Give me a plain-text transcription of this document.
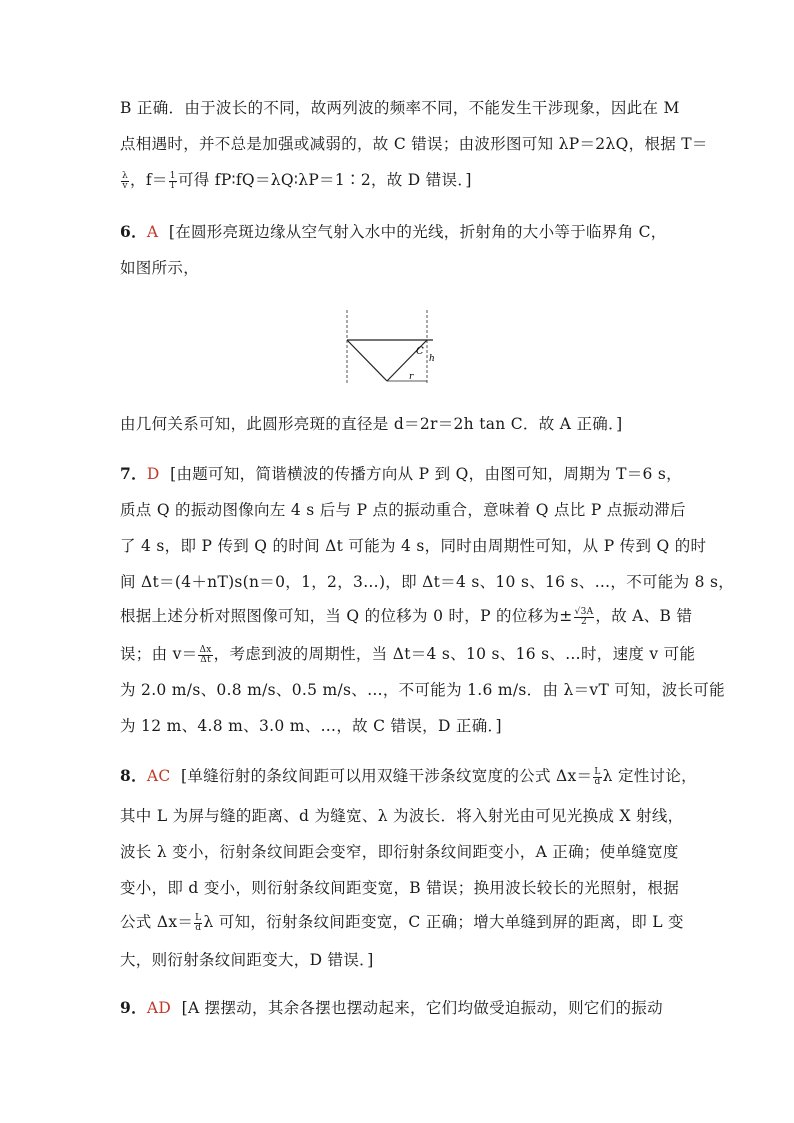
B 正确．由于波长的不同，故两列波的频率不同，不能发生干涉现象，因此在 M
点相遇时，并不总是加强或减弱的，故 C 错误；由波形图可知 λP＝2λQ，根据 T＝
$\frac{\lambda}{v}$ ，$f= \frac{1}{T}$ 可得 fP∶fQ＝λQ∶λP＝1∶2，故 D 错误．]
6．A [在圆形亮斑边缘从空气射入水中的光线，折射角的大小等于临界角 C，
如图所示，
C
h
r
由几何关系可知，此圆形亮斑的直径是 d＝2r＝2h tan C．故 A 正确．]
7．D [由题可知，简谐横波的传播方向从 P 到 Q，由图可知，周期为 T＝6 s，
质点 Q 的振动图像向左 4 s 后与 P 点的振动重合，意味着 Q 点比 P 点振动滞后
了 4 s，即 P 传到 Q 的时间 Δt 可能为 4 s，同时由周期性可知，从 P 传到 Q 的时
间 Δt＝(4＋nT)s(n＝0，1，2，3…)，即 Δt＝4 s、10 s、16 s、…，不可能为 8 s，
根据上述分析对照图像可知，当 Q 的位移为 0 时，P 的位移为± $\frac{√3A}{2}$ ，故 A、B 错
误；由 $v= \frac{\Delta x}{\Delta t}$ ，考虑到波的周期性，当 Δt＝4 s、10 s、16 s、…时，速度 v 可能
为 2.0 m/s、0.8 m/s、0.5 m/s、…，不可能为 1.6 m/s．由 λ＝vT 可知，波长可能
为 12 m、4.8 m、3.0 m、…，故 C 错误，D 正确．]
8．AC [单缝衍射的条纹间距可以用双缝干涉条纹宽度的公式 $\Delta x= \frac{L}{d}$ λ 定性讨论，
其中 L 为屏与缝的距离、d 为缝宽、λ 为波长．将入射光由可见光换成 X 射线，
波长 λ 变小，衍射条纹间距会变窄，即衍射条纹间距变小，A 正确；使单缝宽度
变小，即 d 变小，则衍射条纹间距变宽，B 错误；换用波长较长的光照射，根据
公式 $\Delta x= \frac{L}{d}$ λ 可知，衍射条纹间距变宽，C 正确；增大单缝到屏的距离，即 L 变
大，则衍射条纹间距变大，D 错误．]
9．AD [A 摆摆动，其余各摆也摆动起来，它们均做受迫振动，则它们的振动
